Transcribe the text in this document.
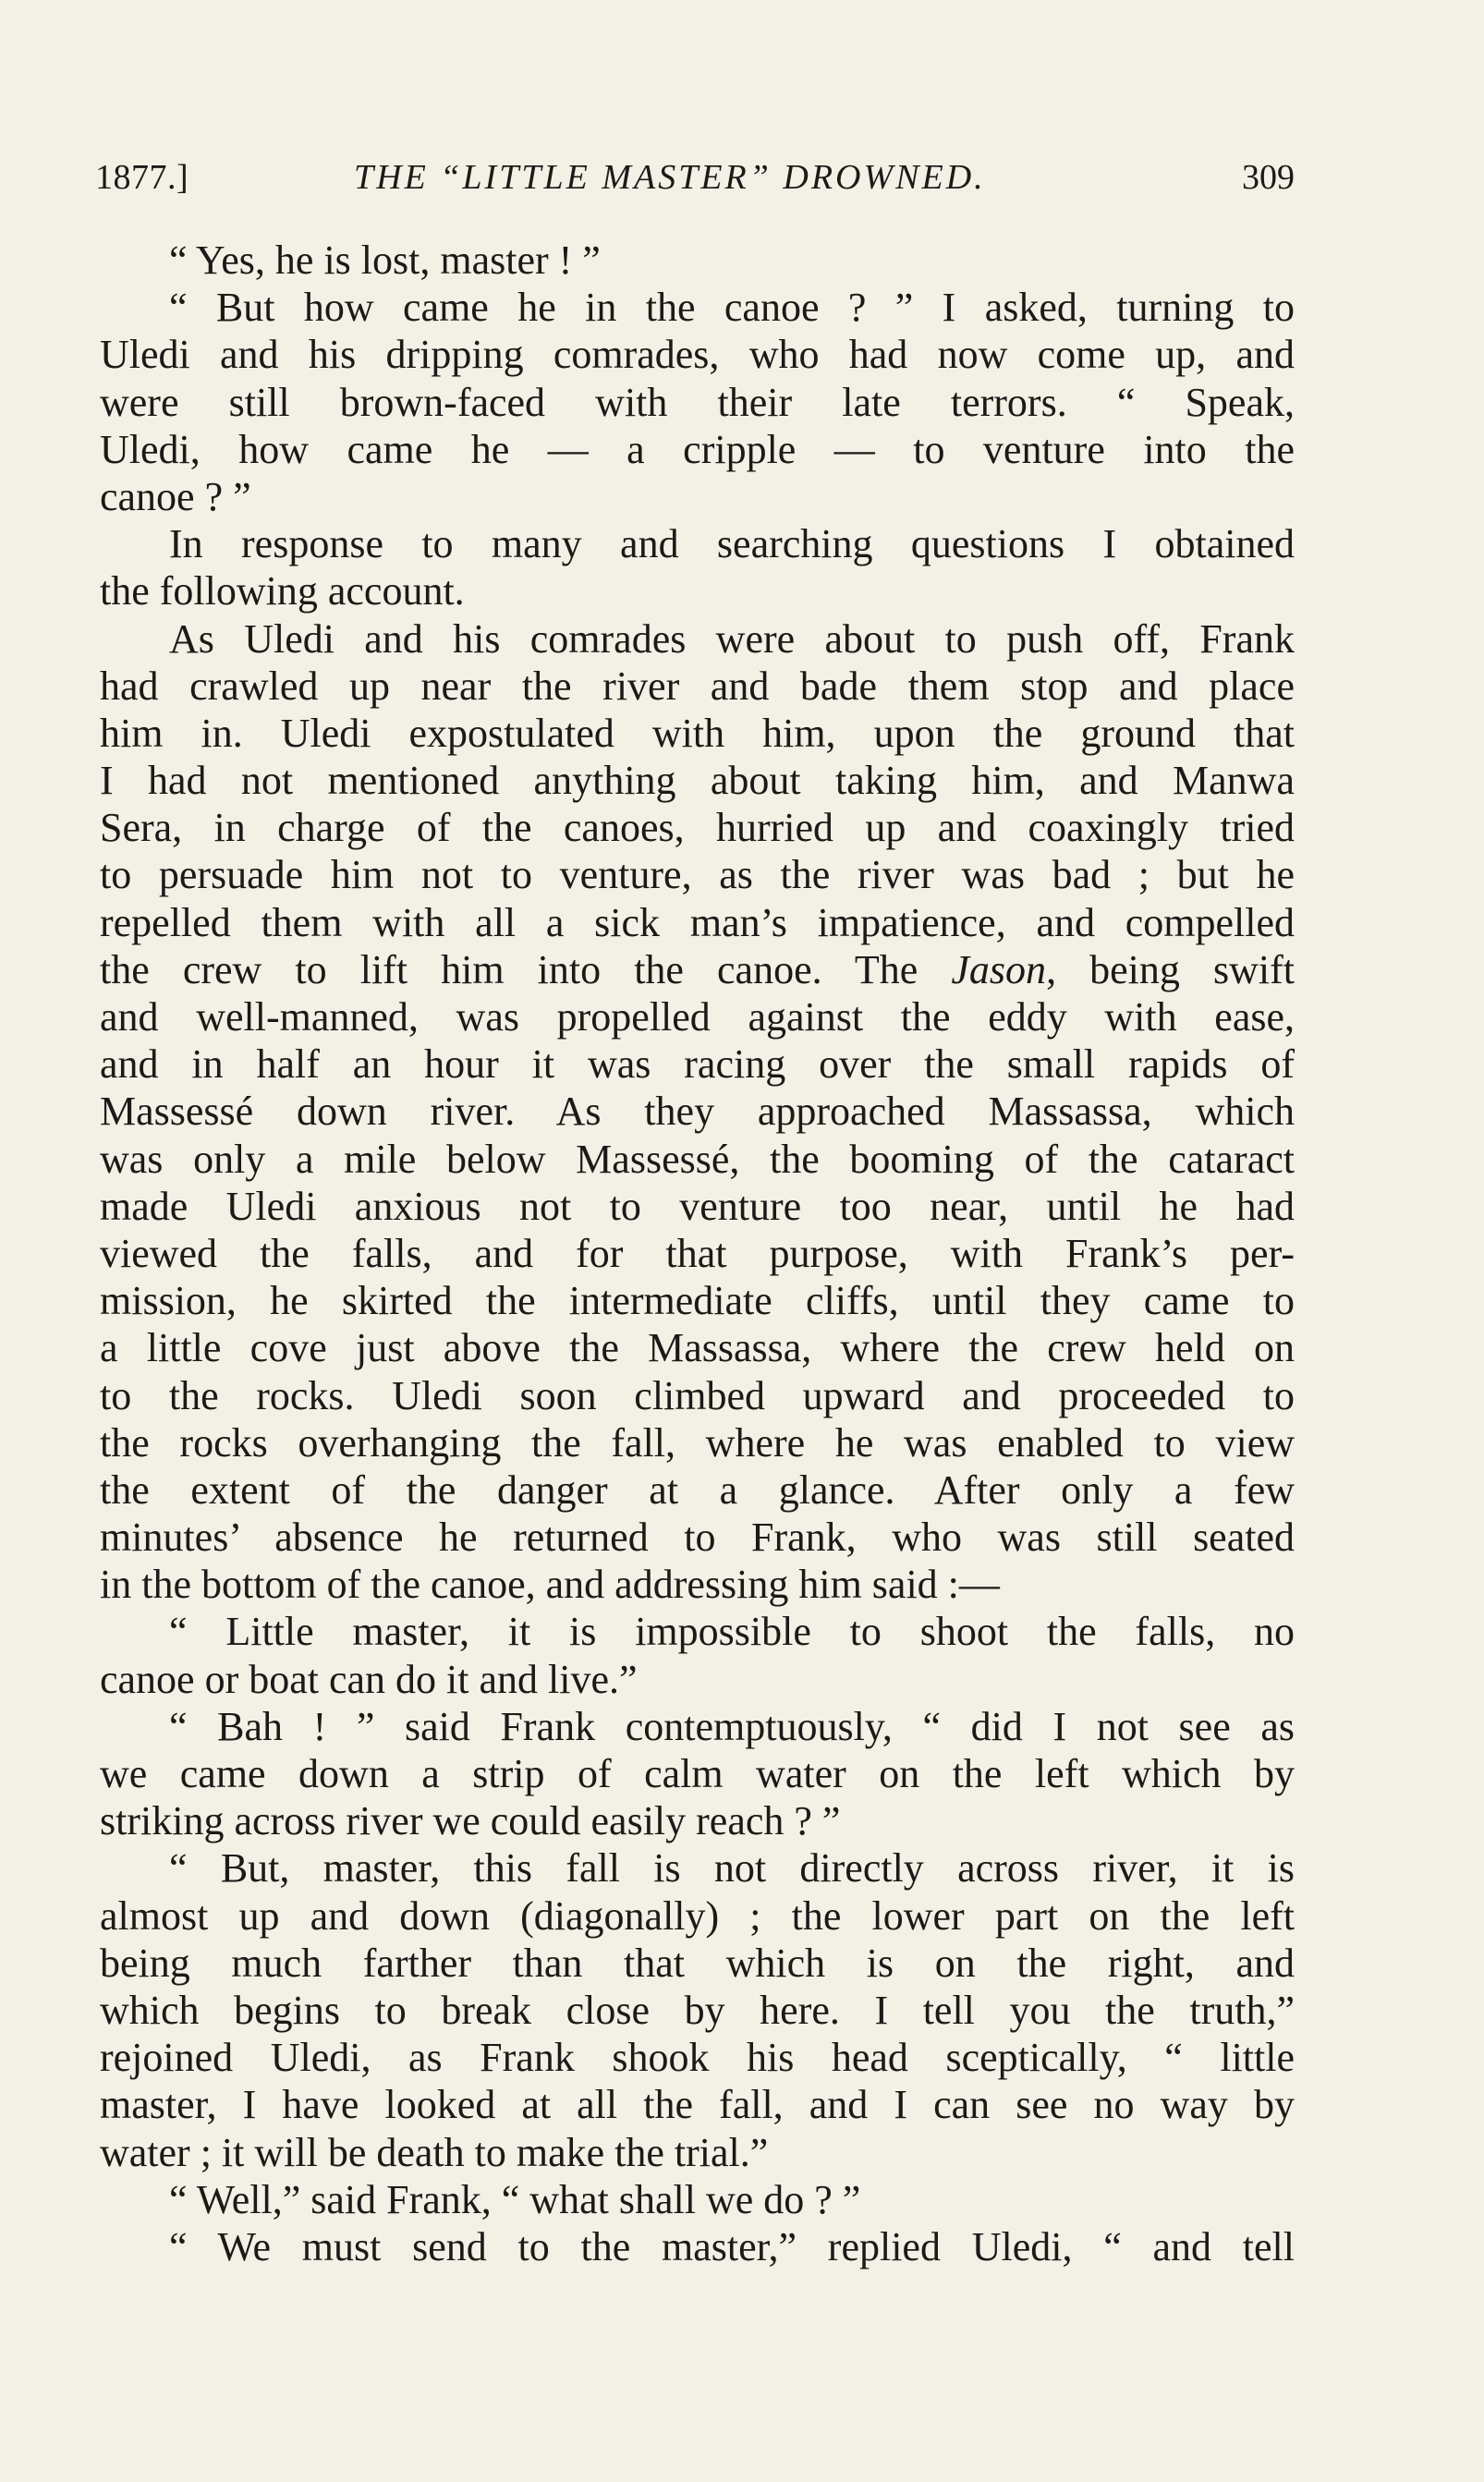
1877.]	THE “LITTLE MASTER” DROWNED.	309
“ Yes, he is lost, master ! ”
“ But how came he in the canoe ? ” I asked, turning to
Uledi and his dripping comrades, who had now come up, and
were still brown-faced with their late terrors. “ Speak,
Uledi, how came he — a cripple — to venture into the
canoe ? ”
In response to many and searching questions I obtained
the following account.
As Uledi and his comrades were about to push off, Frank
had crawled up near the river and bade them stop and place
him in. Uledi expostulated with him, upon the ground that
I had not mentioned anything about taking him, and Manwa
Sera, in charge of the canoes, hurried up and coaxingly tried
to persuade him not to venture, as the river was bad ; but he
repelled them with all a sick man’s impatience, and compelled
the crew to lift him into the canoe. The Jason, being swift
and well-manned, was propelled against the eddy with ease,
and in half an hour it was racing over the small rapids of
Massessé down river. As they approached Massassa, which
was only a mile below Massessé, the booming of the cataract
made Uledi anxious not to venture too near, until he had
viewed the falls, and for that purpose, with Frank’s per-
mission, he skirted the intermediate cliffs, until they came to
a little cove just above the Massassa, where the crew held on
to the rocks. Uledi soon climbed upward and proceeded to
the rocks overhanging the fall, where he was enabled to view
the extent of the danger at a glance. After only a few
minutes’ absence he returned to Frank, who was still seated
in the bottom of the canoe, and addressing him said :—
“ Little master, it is impossible to shoot the falls, no
canoe or boat can do it and live.”
“ Bah ! ” said Frank contemptuously, “ did I not see as
we came down a strip of calm water on the left which by
striking across river we could easily reach ? ”
“ But, master, this fall is not directly across river, it is
almost up and down (diagonally) ; the lower part on the left
being much farther than that which is on the right, and
which begins to break close by here. I tell you the truth,”
rejoined Uledi, as Frank shook his head sceptically, “ little
master, I have looked at all the fall, and I can see no way by
water ; it will be death to make the trial.”
“ Well,” said Frank, “ what shall we do ? ”
“ We must send to the master,” replied Uledi, “ and tell
